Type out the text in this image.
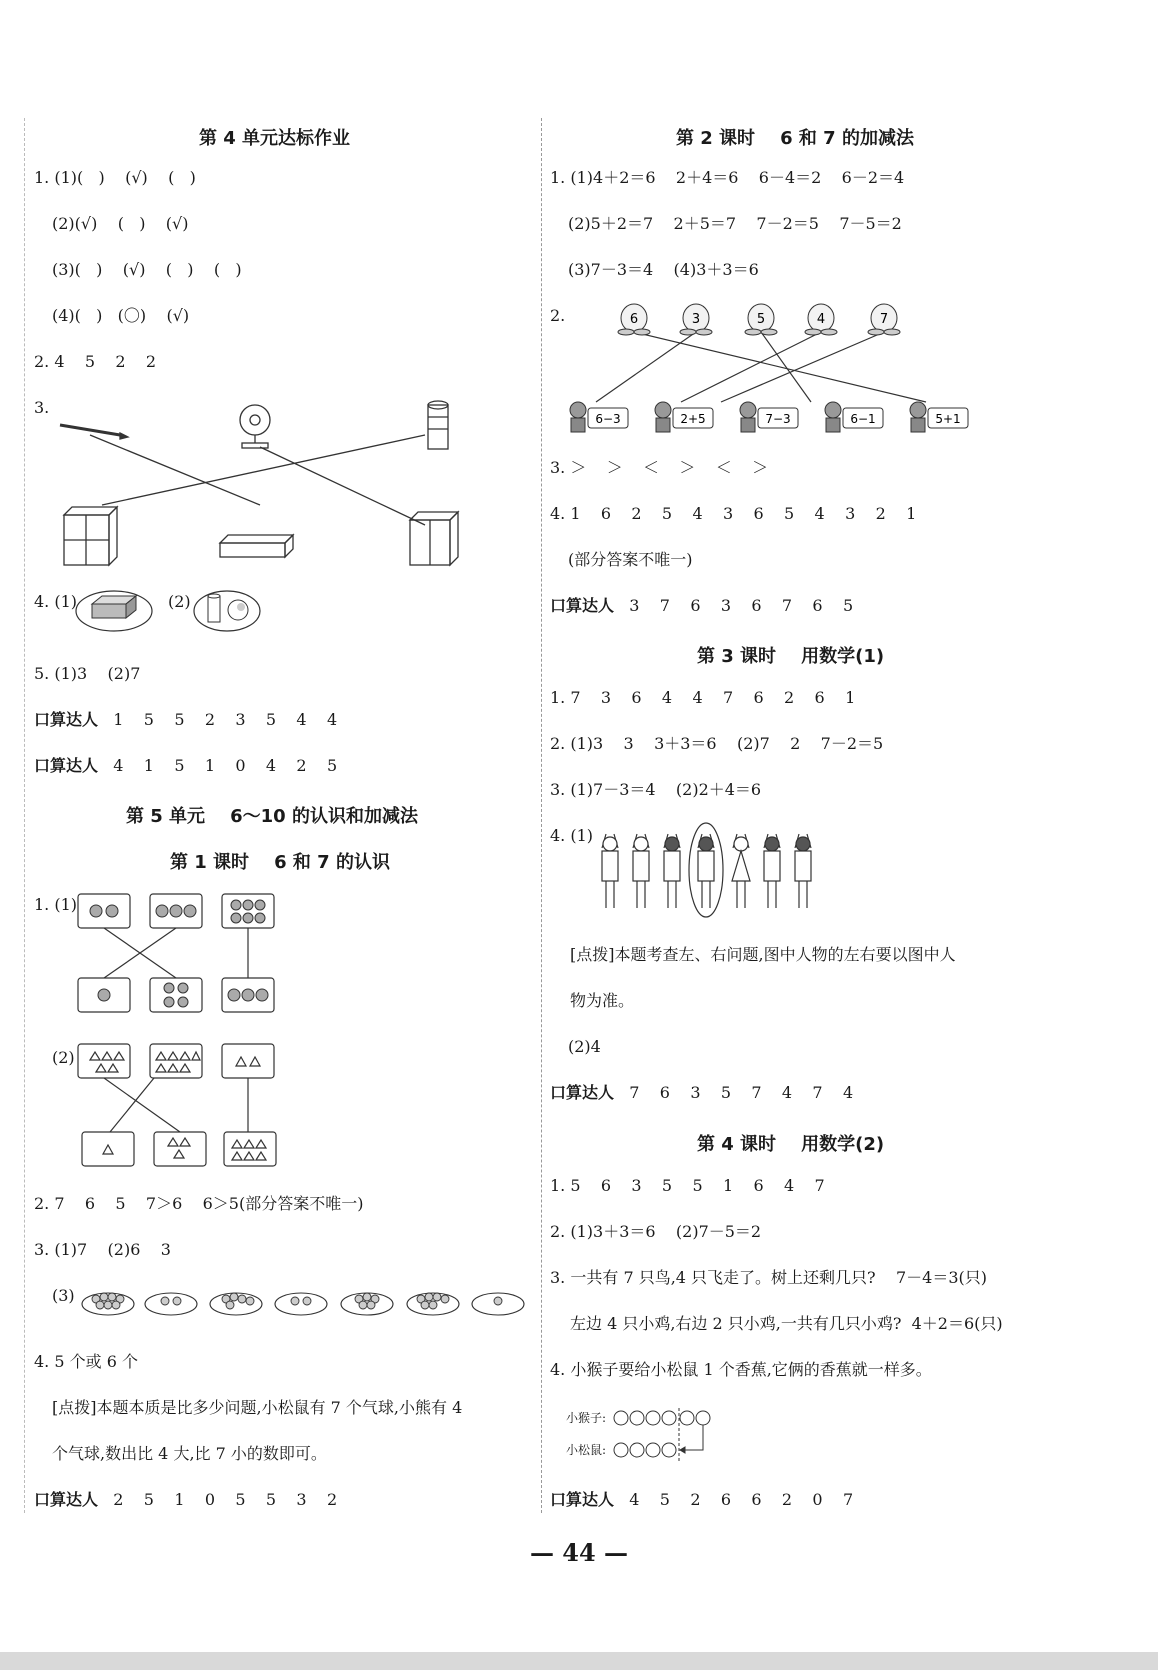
第 4 单元达标作业
1. (1)(   )    (√)    (   )
(2)(√)    (   )    (√)
(3)(   )    (√)    (   )    (   )
(4)(   )   (〇)    (√)
2. 4    5    2    2
3.
4. (1)	(2)
5. (1)3    (2)7
口算达人 1    5    5    2    3    5    4    4
口算达人 4    1    5    1    0    4    2    5
第 5 单元    6～10 的认识和加减法
第 1 课时    6 和 7 的认识
1. (1)
(2)
2. 7    6    5    7＞6    6＞5(部分答案不唯一)
3. (1)7    (2)6    3
(3)
4. 5 个或 6 个
[点拨]本题本质是比多少问题,小松鼠有 7 个气球,小熊有 4
个气球,数出比 4 大,比 7 小的数即可。
口算达人 2    5    1    0    5    5    3    2
第 2 课时    6 和 7 的加减法
1. (1)4＋2＝6    2＋4＝6    6－4＝2    6－2＝4
(2)5＋2＝7    2＋5＝7    7－2＝5    7－5＝2
(3)7－3＝4    (4)3＋3＝6
2.	6	3	5	4	7
6−3	2+5	7−3	6−1	5+1
3. ＞    ＞    ＜    ＞    ＜    ＞
4. 1    6    2    5    4    3    6    5    4    3    2    1
(部分答案不唯一)
口算达人 3    7    6    3    6    7    6    5
第 3 课时    用数学(1)
1. 7    3    6    4    4    7    6    2    6    1
2. (1)3    3    3＋3＝6    (2)7    2    7－2＝5
3. (1)7－3＝4    (2)2＋4＝6
4. (1)
[点拨]本题考查左、右问题,图中人物的左右要以图中人
物为准。
(2)4
口算达人 7    6    3    5    7    4    7    4
第 4 课时    用数学(2)
1. 5    6    3    5    5    1    6    4    7
2. (1)3＋3＝6    (2)7－5＝2
3. 一共有 7 只鸟,4 只飞走了。树上还剩几只?    7－4＝3(只)
左边 4 只小鸡,右边 2 只小鸡,一共有几只小鸡?  4＋2＝6(只)
4. 小猴子要给小松鼠 1 个香蕉,它俩的香蕉就一样多。
小猴子:
小松鼠:
口算达人 4    5    2    6    6    2    0    7
— 44 —
